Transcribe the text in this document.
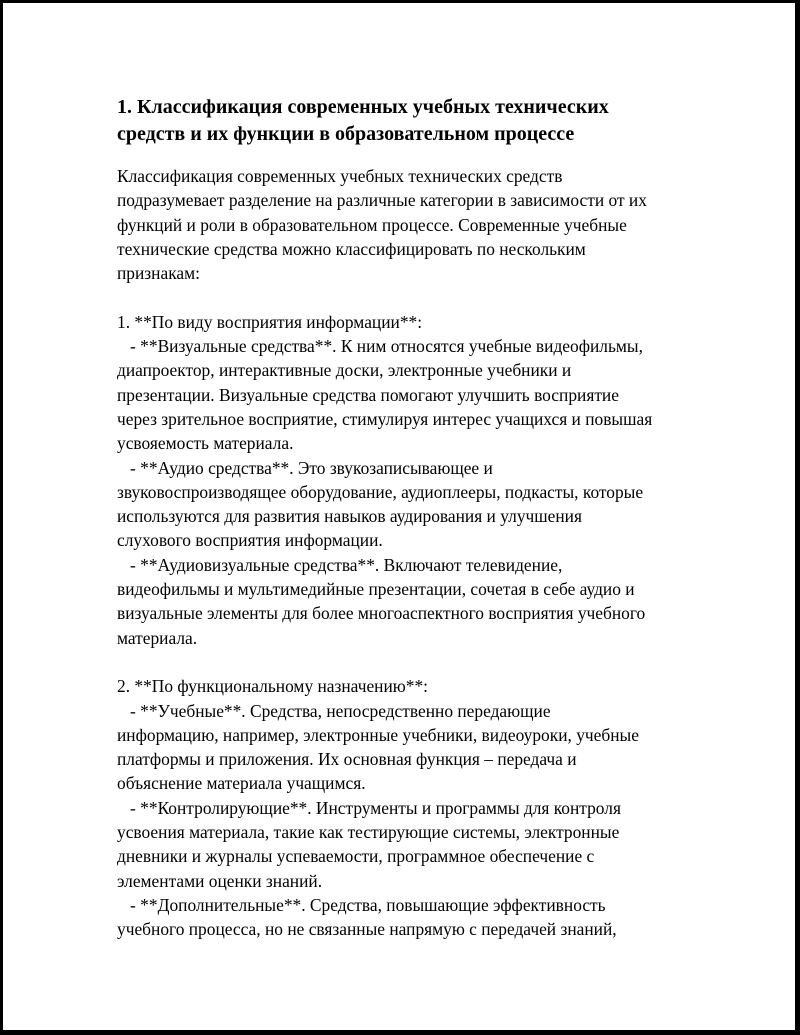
1. Классификация современных учебных технических
средств и их функции в образовательном процессе
Классификация современных учебных технических средств
подразумевает разделение на различные категории в зависимости от их
функций и роли в образовательном процессе. Современные учебные
технические средства можно классифицировать по нескольким
признакам:
1. **По виду восприятия информации**:
- **Визуальные средства**. К ним относятся учебные видеофильмы,
диапроектор, интерактивные доски, электронные учебники и
презентации. Визуальные средства помогают улучшить восприятие
через зрительное восприятие, стимулируя интерес учащихся и повышая
усвояемость материала.
- **Аудио средства**. Это звукозаписывающее и
звуковоспроизводящее оборудование, аудиоплееры, подкасты, которые
используются для развития навыков аудирования и улучшения
слухового восприятия информации.
- **Аудиовизуальные средства**. Включают телевидение,
видеофильмы и мультимедийные презентации, сочетая в себе аудио и
визуальные элементы для более многоаспектного восприятия учебного
материала.
2. **По функциональному назначению**:
- **Учебные**. Средства, непосредственно передающие
информацию, например, электронные учебники, видеоуроки, учебные
платформы и приложения. Их основная функция – передача и
объяснение материала учащимся.
- **Контролирующие**. Инструменты и программы для контроля
усвоения материала, такие как тестирующие системы, электронные
дневники и журналы успеваемости, программное обеспечение с
элементами оценки знаний.
- **Дополнительные**. Средства, повышающие эффективность
учебного процесса, но не связанные напрямую с передачей знаний,
